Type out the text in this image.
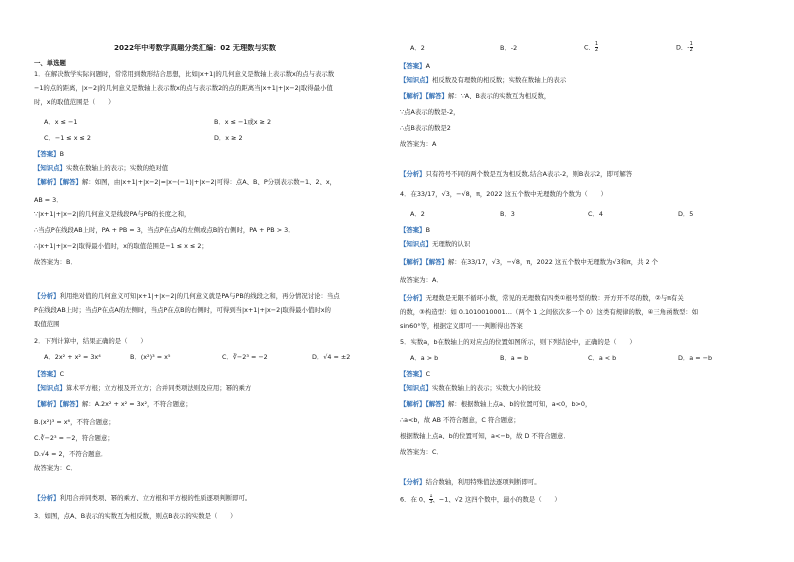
2022年中考数学真题分类汇编：02 无理数与实数
一、单选题
1．在解决数学实际问题时，常常用到数形结合思想，比如|x+1|的几何意义是数轴上表示数x的点与表示数
−1的点的距离，|x−2|的几何意义是数轴上表示数x的点与表示数2的点的距离当|x+1|+|x−2|取得最小值
时，x的取值范围是（　　）
A．x ≤ −1	B．x ≤ −1或x ≥ 2
C．−1 ≤ x ≤ 2	D．x ≥ 2
【答案】B
【知识点】实数在数轴上的表示；实数的绝对值
【解析】【解答】解：如图，由|x+1|+|x−2|=|x−(−1)|+|x−2|可得：点A、B、P分别表示数−1、2、x，
AB = 3．
∵|x+1|+|x−2|的几何意义是线段PA与PB的长度之和，
∴当点P在线段AB上时，PA + PB = 3，当点P在点A的左侧或点B的右侧时，PA + PB > 3．
∴|x+1|+|x−2|取得最小值时，x的取值范围是−1 ≤ x ≤ 2；
故答案为：B．
【分析】利用绝对值的几何意义可知|x+1|+|x−2|的几何意义就是PA与PB的线段之和，再分情况讨论：当点
P在线段AB上时；当点P在点A的左侧时，当点P在点B的右侧时，可得到当|x+1|+|x−2|取得最小值时x的
取值范围
2．下列计算中，结果正确的是（　　）
A．2x² + x² = 3x⁴	B．(x²)³ = x⁵	C．∛−2³ = −2	D．√4 = ±2
【答案】C
【知识点】算术平方根；立方根及开立方；合并同类项法则及应用；幂的乘方
【解析】【解答】解：A.2x² + x² = 3x²，不符合题意；
B.(x²)³ = x⁶，不符合题意；
C.∛−2³ = −2，符合题意；
D.√4 = 2，不符合题意．
故答案为：C．
【分析】利用合并同类项、幂的乘方、立方根和平方根的性质逐项判断即可。
3．如图，点A、B表示的实数互为相反数，则点B表示的实数是（　　）
A．2	B．-2	C． $\frac{1}{2}$	D．- $\frac{1}{2}$
【答案】A
【知识点】相反数及有理数的相反数；实数在数轴上的表示
【解析】【解答】解：∵A、B表示的实数互为相反数，
∵点A表示的数是-2，
∴点B表示的数是2
故答案为：A
【分析】只有符号不同的两个数是互为相反数,结合A表示-2，则B表示2，即可解答
4．在33/17，√3，−√8，π，2022 这五个数中无理数的个数为（　　）
A．2	B．3	C．4	D．5
【答案】B
【知识点】无理数的认识
【解析】【解答】解：在33/17，√3，−√8，π，2022 这五个数中无理数为√3和π，共 2 个
故答案为：A．
【分析】无理数是无限不循环小数，常见的无理数有四类①根号型的数：开方开不尽的数，②与π有关
的数，③构造型：如 0.1010010001…（两个 1 之间依次多一个 0）这类有规律的数，④三角函数型：如
sin60°等，根据定义即可一一判断得出答案
5．实数a，b在数轴上的对应点的位置如图所示，则下列结论中，正确的是（　　）
A．a > b	B．a = b	C．a < b	D．a = −b
【答案】C
【知识点】实数在数轴上的表示；实数大小的比较
【解析】【解答】解：根据数轴上点a、b的位置可知，a<0，b>0，
∴a<b，故 AB 不符合题意，C 符合题意；
根据数轴上点a、b的位置可知，a<−b，故 D 不符合题意．
故答案为：C．
【分析】结合数轴，利用特殊值法逐项判断即可。
6．在 0、 $\frac{1}{3}$ 、−1、√2 这四个数中，最小的数是（　　）
